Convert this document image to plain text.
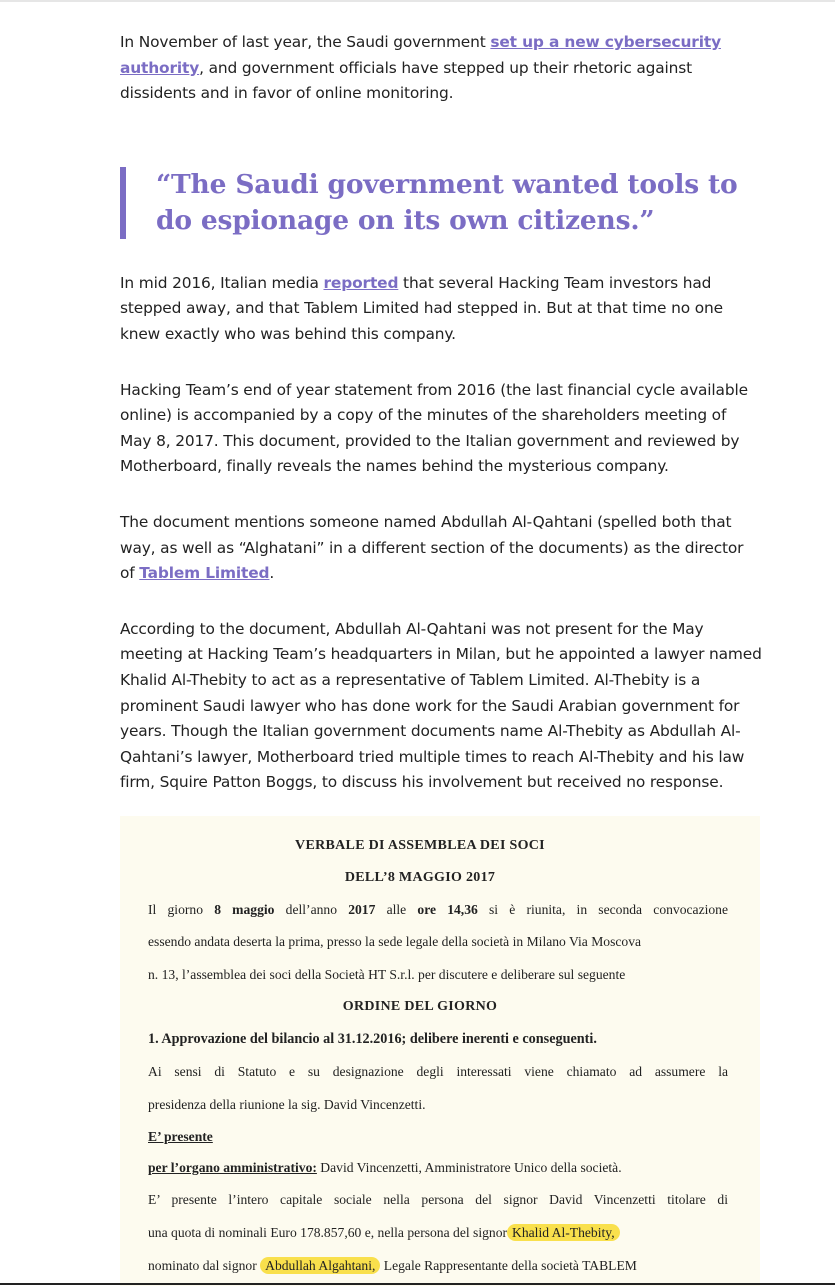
In November of last year, the Saudi government set up a new cybersecurity authority, and government officials have stepped up their rhetoric against dissidents and in favor of online monitoring.

“The Saudi government wanted tools to do espionage on its own citizens.”

In mid 2016, Italian media reported that several Hacking Team investors had stepped away, and that Tablem Limited had stepped in. But at that time no one knew exactly who was behind this company.

Hacking Team’s end of year statement from 2016 (the last financial cycle available online) is accompanied by a copy of the minutes of the shareholders meeting of May 8, 2017. This document, provided to the Italian government and reviewed by Motherboard, finally reveals the names behind the mysterious company.

The document mentions someone named Abdullah Al-Qahtani (spelled both that way, as well as “Alghatani” in a different section of the documents) as the director of Tablem Limited.

According to the document, Abdullah Al-Qahtani was not present for the May meeting at Hacking Team’s headquarters in Milan, but he appointed a lawyer named Khalid Al-Thebity to act as a representative of Tablem Limited. Al-Thebity is a prominent Saudi lawyer who has done work for the Saudi Arabian government for years. Though the Italian government documents name Al-Thebity as Abdullah Al-Qahtani’s lawyer, Motherboard tried multiple times to reach Al-Thebity and his law firm, Squire Patton Boggs, to discuss his involvement but received no response.

VERBALE DI ASSEMBLEA DEI SOCI
DELL’8 MAGGIO 2017
Il giorno 8 maggio dell’anno 2017 alle ore 14,36 si è riunita, in seconda convocazione
essendo andata deserta la prima, presso la sede legale della società in Milano Via Moscova
n. 13, l’assemblea dei soci della Società HT S.r.l. per discutere e deliberare sul seguente
ORDINE DEL GIORNO
1. Approvazione del bilancio al 31.12.2016; delibere inerenti e conseguenti.
Ai sensi di Statuto e su designazione degli interessati viene chiamato ad assumere la
presidenza della riunione la sig. David Vincenzetti.
E’ presente
per l’organo amministrativo: David Vincenzetti, Amministratore Unico della società.
E’ presente l’intero capitale sociale nella persona del signor David Vincenzetti titolare di
una quota di nominali Euro 178.857,60 e, nella persona del signor Khalid Al-Thebity,
nominato dal signor Abdullah Algahtani, Legale Rappresentante della società TABLEM
